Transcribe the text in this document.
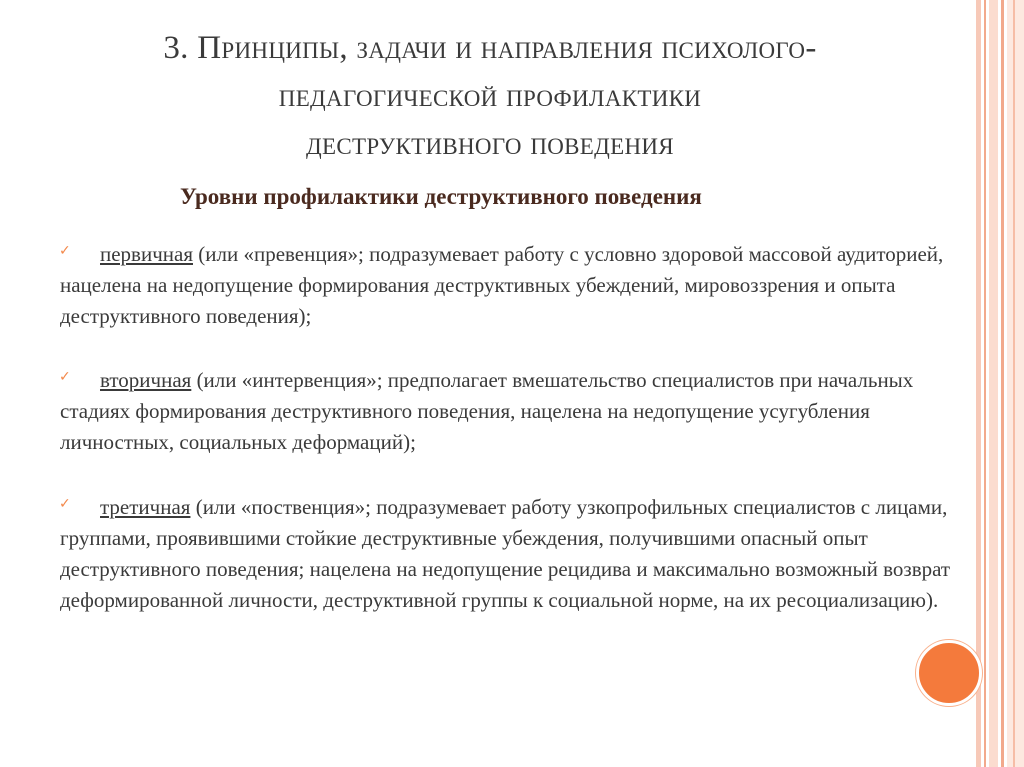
3. Принципы, задачи и направления психолого-
педагогической профилактики
деструктивного поведения
Уровни профилактики деструктивного поведения
✓	первичная (или «превенция»; подразумевает работу с условно здоровой массовой аудиторией, нацелена на недопущение формирования деструктивных убеждений, мировоззрения и опыта деструктивного поведения);
✓	вторичная (или «интервенция»; предполагает вмешательство специалистов при начальных стадиях формирования деструктивного поведения, нацелена на недопущение усугубления личностных, социальных деформаций);
✓	третичная (или «поственция»; подразумевает работу узкопрофильных специалистов с лицами, группами, проявившими стойкие деструктивные убеждения, получившими опасный опыт деструктивного поведения; нацелена на недопущение рецидива и максимально возможный возврат деформированной личности, деструктивной группы к социальной норме, на их ресоциализацию).
